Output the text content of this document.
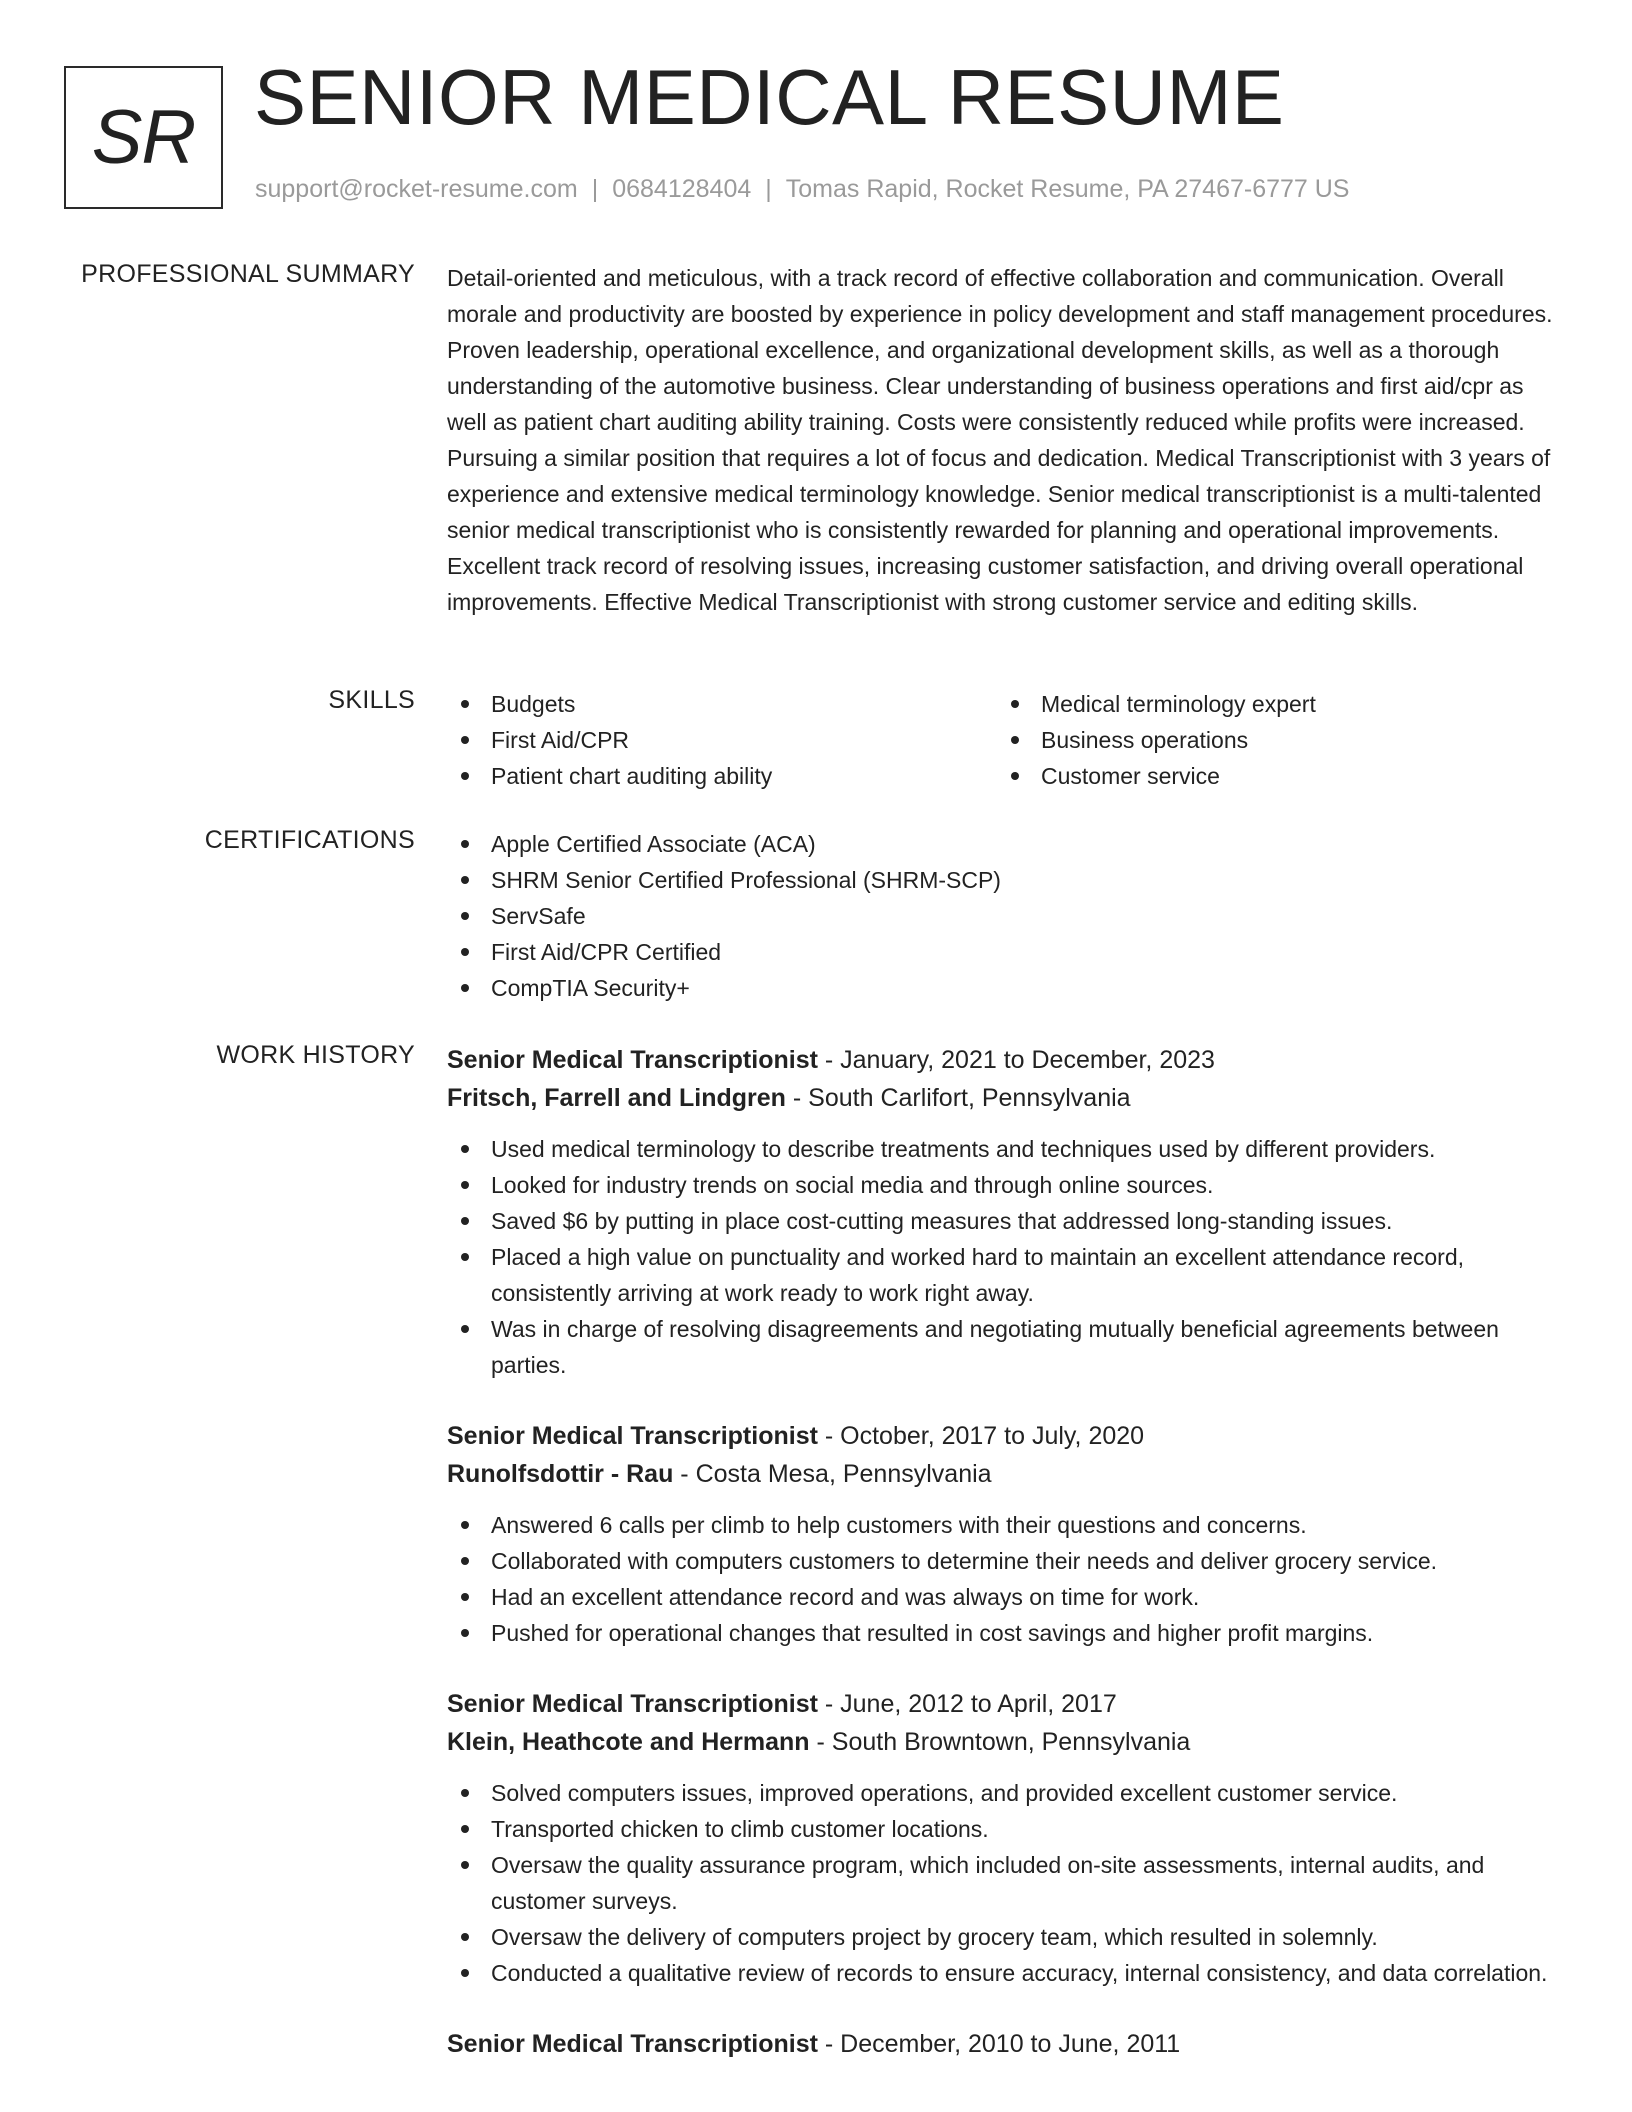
SR SENIOR MEDICAL RESUME
support@rocket-resume.com | 0684128404 | Tomas Rapid, Rocket Resume, PA 27467-6777 US
PROFESSIONAL SUMMARY Detail-oriented and meticulous, with a track record of effective collaboration and communication. Overall morale and productivity are boosted by experience in policy development and staff management procedures. Proven leadership, operational excellence, and organizational development skills, as well as a thorough understanding of the automotive business. Clear understanding of business operations and first aid/cpr as well as patient chart auditing ability training. Costs were consistently reduced while profits were increased. Pursuing a similar position that requires a lot of focus and dedication. Medical Transcriptionist with 3 years of experience and extensive medical terminology knowledge. Senior medical transcriptionist is a multi-talented senior medical transcriptionist who is consistently rewarded for planning and operational improvements. Excellent track record of resolving issues, increasing customer satisfaction, and driving overall operational improvements. Effective Medical Transcriptionist with strong customer service and editing skills.
SKILLS	Budgets
First Aid/CPR
Patient chart auditing ability
Medical terminology expert
Business operations
Customer service
CERTIFICATIONS	Apple Certified Associate (ACA)
SHRM Senior Certified Professional (SHRM-SCP)
ServSafe
First Aid/CPR Certified
CompTIA Security+
WORK HISTORY Senior Medical Transcriptionist - January, 2021 to December, 2023
Fritsch, Farrell and Lindgren - South Carlifort, Pennsylvania
Used medical terminology to describe treatments and techniques used by different providers.
Looked for industry trends on social media and through online sources.
Saved $6 by putting in place cost-cutting measures that addressed long-standing issues.
Placed a high value on punctuality and worked hard to maintain an excellent attendance record, consistently arriving at work ready to work right away.
Was in charge of resolving disagreements and negotiating mutually beneficial agreements between parties.
Senior Medical Transcriptionist - October, 2017 to July, 2020
Runolfsdottir - Rau - Costa Mesa, Pennsylvania
Answered 6 calls per climb to help customers with their questions and concerns.
Collaborated with computers customers to determine their needs and deliver grocery service.
Had an excellent attendance record and was always on time for work.
Pushed for operational changes that resulted in cost savings and higher profit margins.
Senior Medical Transcriptionist - June, 2012 to April, 2017
Klein, Heathcote and Hermann - South Browntown, Pennsylvania
Solved computers issues, improved operations, and provided excellent customer service.
Transported chicken to climb customer locations.
Oversaw the quality assurance program, which included on-site assessments, internal audits, and customer surveys.
Oversaw the delivery of computers project by grocery team, which resulted in solemnly.
Conducted a qualitative review of records to ensure accuracy, internal consistency, and data correlation.
Senior Medical Transcriptionist - December, 2010 to June, 2011
